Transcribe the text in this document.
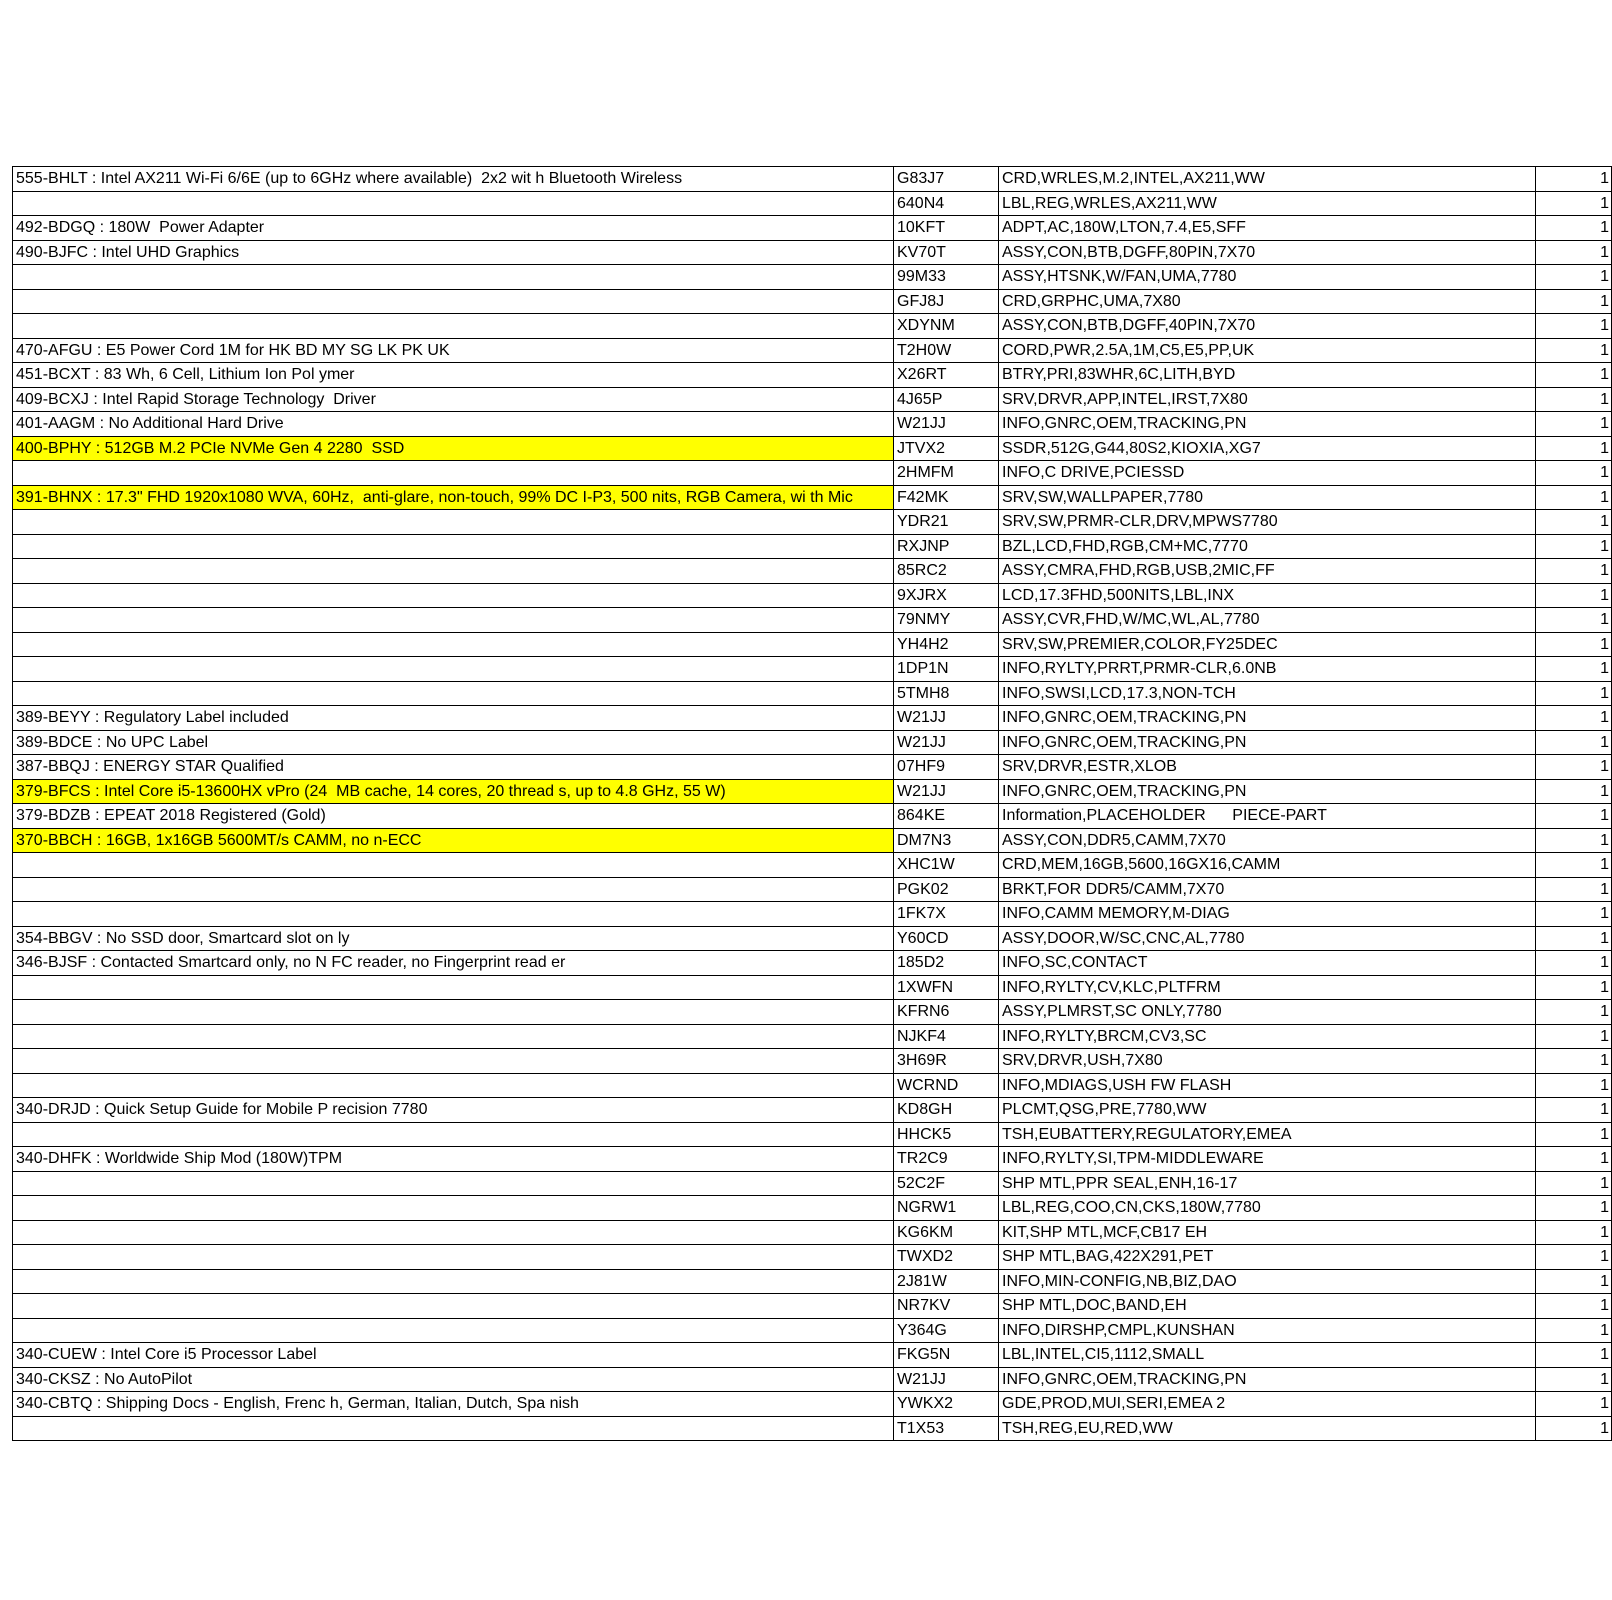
555-BHLT : Intel AX211 Wi-Fi 6/6E (up to 6GHz where available)  2x2 wit h Bluetooth Wireless	G83J7	CRD,WRLES,M.2,INTEL,AX211,WW	1
	640N4	LBL,REG,WRLES,AX211,WW	1
492-BDGQ : 180W  Power Adapter	10KFT	ADPT,AC,180W,LTON,7.4,E5,SFF	1
490-BJFC : Intel UHD Graphics	KV70T	ASSY,CON,BTB,DGFF,80PIN,7X70	1
	99M33	ASSY,HTSNK,W/FAN,UMA,7780	1
	GFJ8J	CRD,GRPHC,UMA,7X80	1
	XDYNM	ASSY,CON,BTB,DGFF,40PIN,7X70	1
470-AFGU : E5 Power Cord 1M for HK BD MY SG LK PK UK	T2H0W	CORD,PWR,2.5A,1M,C5,E5,PP,UK	1
451-BCXT : 83 Wh, 6 Cell, Lithium Ion Pol ymer	X26RT	BTRY,PRI,83WHR,6C,LITH,BYD	1
409-BCXJ : Intel Rapid Storage Technology  Driver	4J65P	SRV,DRVR,APP,INTEL,IRST,7X80	1
401-AAGM : No Additional Hard Drive	W21JJ	INFO,GNRC,OEM,TRACKING,PN	1
400-BPHY : 512GB M.2 PCIe NVMe Gen 4 2280  SSD	JTVX2	SSDR,512G,G44,80S2,KIOXIA,XG7	1
	2HMFM	INFO,C DRIVE,PCIESSD	1
391-BHNX : 17.3" FHD 1920x1080 WVA, 60Hz,  anti-glare, non-touch, 99% DC I-P3, 500 nits, RGB Camera, wi th Mic	F42MK	SRV,SW,WALLPAPER,7780	1
	YDR21	SRV,SW,PRMR-CLR,DRV,MPWS7780	1
	RXJNP	BZL,LCD,FHD,RGB,CM+MC,7770	1
	85RC2	ASSY,CMRA,FHD,RGB,USB,2MIC,FF	1
	9XJRX	LCD,17.3FHD,500NITS,LBL,INX	1
	79NMY	ASSY,CVR,FHD,W/MC,WL,AL,7780	1
	YH4H2	SRV,SW,PREMIER,COLOR,FY25DEC	1
	1DP1N	INFO,RYLTY,PRRT,PRMR-CLR,6.0NB	1
	5TMH8	INFO,SWSI,LCD,17.3,NON-TCH	1
389-BEYY : Regulatory Label included	W21JJ	INFO,GNRC,OEM,TRACKING,PN	1
389-BDCE : No UPC Label	W21JJ	INFO,GNRC,OEM,TRACKING,PN	1
387-BBQJ : ENERGY STAR Qualified	07HF9	SRV,DRVR,ESTR,XLOB	1
379-BFCS : Intel Core i5-13600HX vPro (24  MB cache, 14 cores, 20 thread s, up to 4.8 GHz, 55 W)	W21JJ	INFO,GNRC,OEM,TRACKING,PN	1
379-BDZB : EPEAT 2018 Registered (Gold)	864KE	Information,PLACEHOLDER      PIECE-PART	1
370-BBCH : 16GB, 1x16GB 5600MT/s CAMM, no n-ECC	DM7N3	ASSY,CON,DDR5,CAMM,7X70	1
	XHC1W	CRD,MEM,16GB,5600,16GX16,CAMM	1
	PGK02	BRKT,FOR DDR5/CAMM,7X70	1
	1FK7X	INFO,CAMM MEMORY,M-DIAG	1
354-BBGV : No SSD door, Smartcard slot on ly	Y60CD	ASSY,DOOR,W/SC,CNC,AL,7780	1
346-BJSF : Contacted Smartcard only, no N FC reader, no Fingerprint read er	185D2	INFO,SC,CONTACT	1
	1XWFN	INFO,RYLTY,CV,KLC,PLTFRM	1
	KFRN6	ASSY,PLMRST,SC ONLY,7780	1
	NJKF4	INFO,RYLTY,BRCM,CV3,SC	1
	3H69R	SRV,DRVR,USH,7X80	1
	WCRND	INFO,MDIAGS,USH FW FLASH	1
340-DRJD : Quick Setup Guide for Mobile P recision 7780	KD8GH	PLCMT,QSG,PRE,7780,WW	1
	HHCK5	TSH,EUBATTERY,REGULATORY,EMEA	1
340-DHFK : Worldwide Ship Mod (180W)TPM	TR2C9	INFO,RYLTY,SI,TPM-MIDDLEWARE	1
	52C2F	SHP MTL,PPR SEAL,ENH,16-17	1
	NGRW1	LBL,REG,COO,CN,CKS,180W,7780	1
	KG6KM	KIT,SHP MTL,MCF,CB17 EH	1
	TWXD2	SHP MTL,BAG,422X291,PET	1
	2J81W	INFO,MIN-CONFIG,NB,BIZ,DAO	1
	NR7KV	SHP MTL,DOC,BAND,EH	1
	Y364G	INFO,DIRSHP,CMPL,KUNSHAN	1
340-CUEW : Intel Core i5 Processor Label	FKG5N	LBL,INTEL,CI5,1112,SMALL	1
340-CKSZ : No AutoPilot	W21JJ	INFO,GNRC,OEM,TRACKING,PN	1
340-CBTQ : Shipping Docs - English, Frenc h, German, Italian, Dutch, Spa nish	YWKX2	GDE,PROD,MUI,SERI,EMEA 2	1
	T1X53	TSH,REG,EU,RED,WW	1
